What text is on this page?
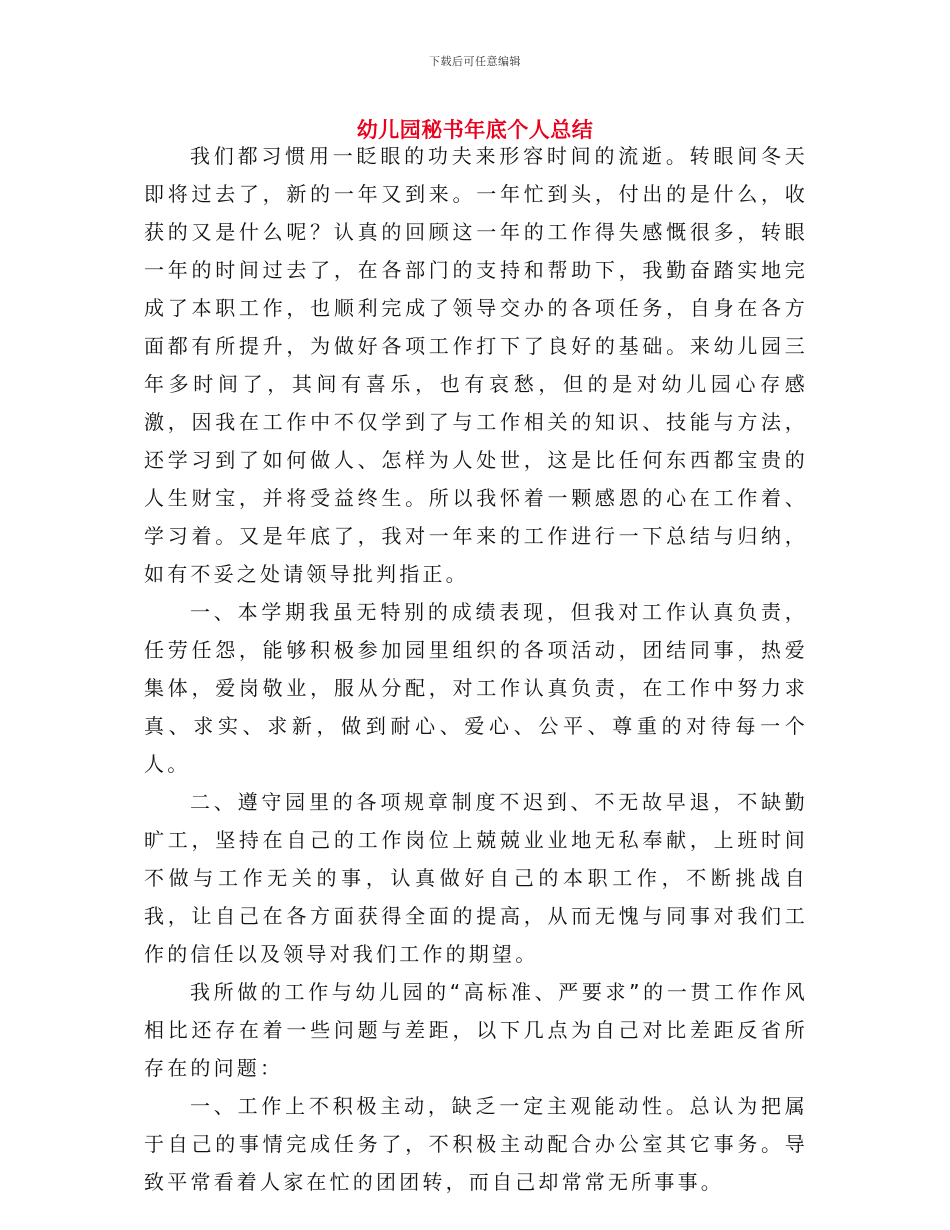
下载后可任意编辑
幼儿园秘书年底个人总结

我们都习惯用一眨眼的功夫来形容时间的流逝。转眼间冬天即将过去了，新的一年又到来。一年忙到头，付出的是什么，收获的又是什么呢？认真的回顾这一年的工作得失感慨很多，转眼一年的时间过去了，在各部门的支持和帮助下，我勤奋踏实地完成了本职工作，也顺利完成了领导交办的各项任务，自身在各方面都有所提升，为做好各项工作打下了良好的基础。来幼儿园三年多时间了，其间有喜乐，也有哀愁，但的是对幼儿园心存感激，因我在工作中不仅学到了与工作相关的知识、技能与方法，还学习到了如何做人、怎样为人处世，这是比任何东西都宝贵的人生财宝，并将受益终生。所以我怀着一颗感恩的心在工作着、学习着。又是年底了，我对一年来的工作进行一下总结与归纳，如有不妥之处请领导批判指正。

一、本学期我虽无特别的成绩表现，但我对工作认真负责，任劳任怨，能够积极参加园里组织的各项活动，团结同事，热爱集体，爱岗敬业，服从分配，对工作认真负责，在工作中努力求真、求实、求新，做到耐心、爱心、公平、尊重的对待每一个人。

二、遵守园里的各项规章制度不迟到、不无故早退，不缺勤旷工，坚持在自己的工作岗位上兢兢业业地无私奉献，上班时间不做与工作无关的事，认真做好自己的本职工作，不断挑战自我，让自己在各方面获得全面的提高，从而无愧与同事对我们工作的信任以及领导对我们工作的期望。

我所做的工作与幼儿园的“高标准、严要求”的一贯工作作风相比还存在着一些问题与差距，以下几点为自己对比差距反省所存在的问题：

一、工作上不积极主动，缺乏一定主观能动性。总认为把属于自己的事情完成任务了，不积极主动配合办公室其它事务。导致平常看着人家在忙的团团转，而自己却常常无所事事。
